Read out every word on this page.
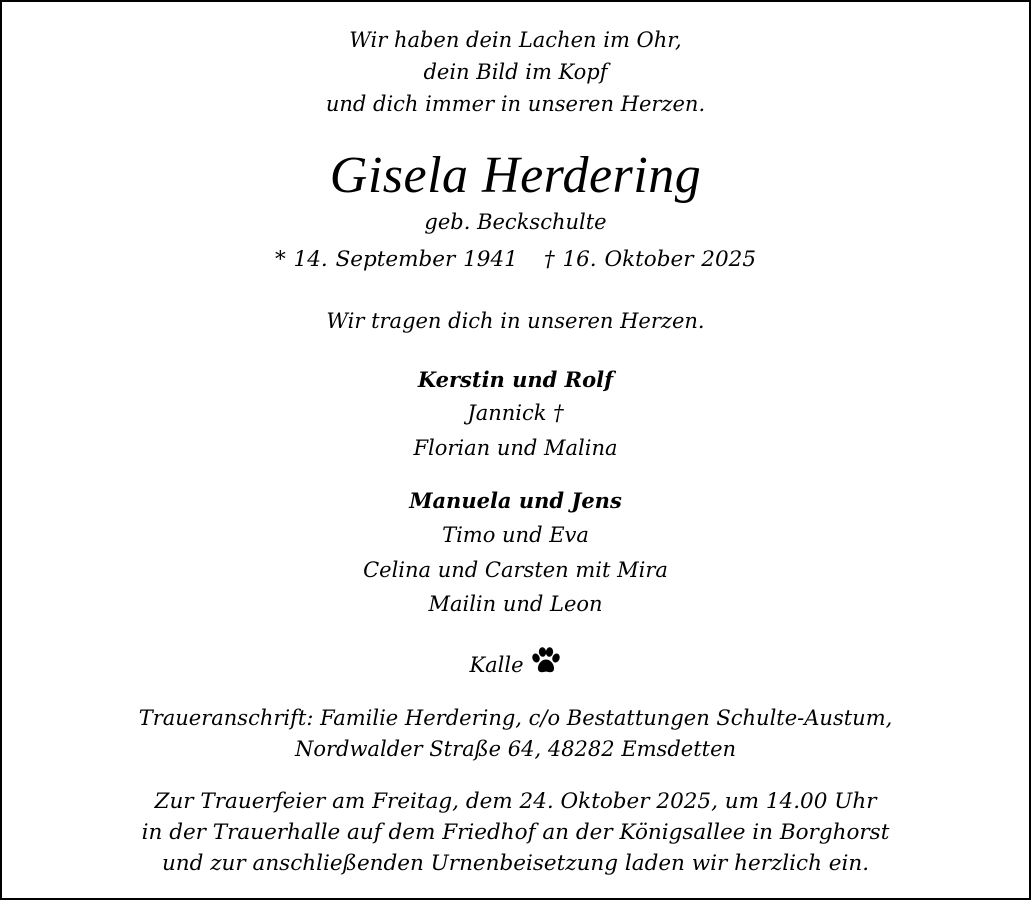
Wir haben dein Lachen im Ohr,
dein Bild im Kopf
und dich immer in unseren Herzen.
Gisela Herdering
geb. Beckschulte
* 14. September 1941 † 16. Oktober 2025
Wir tragen dich in unseren Herzen.
Kerstin und Rolf
Jannick †
Florian und Malina
Manuela und Jens
Timo und Eva
Celina und Carsten mit Mira
Mailin und Leon
Kalle
Traueranschrift: Familie Herdering, c/o Bestattungen Schulte-Austum,
Nordwalder Straße 64, 48282 Emsdetten
Zur Trauerfeier am Freitag, dem 24. Oktober 2025, um 14.00 Uhr
in der Trauerhalle auf dem Friedhof an der Königsallee in Borghorst
und zur anschließenden Urnenbeisetzung laden wir herzlich ein.
